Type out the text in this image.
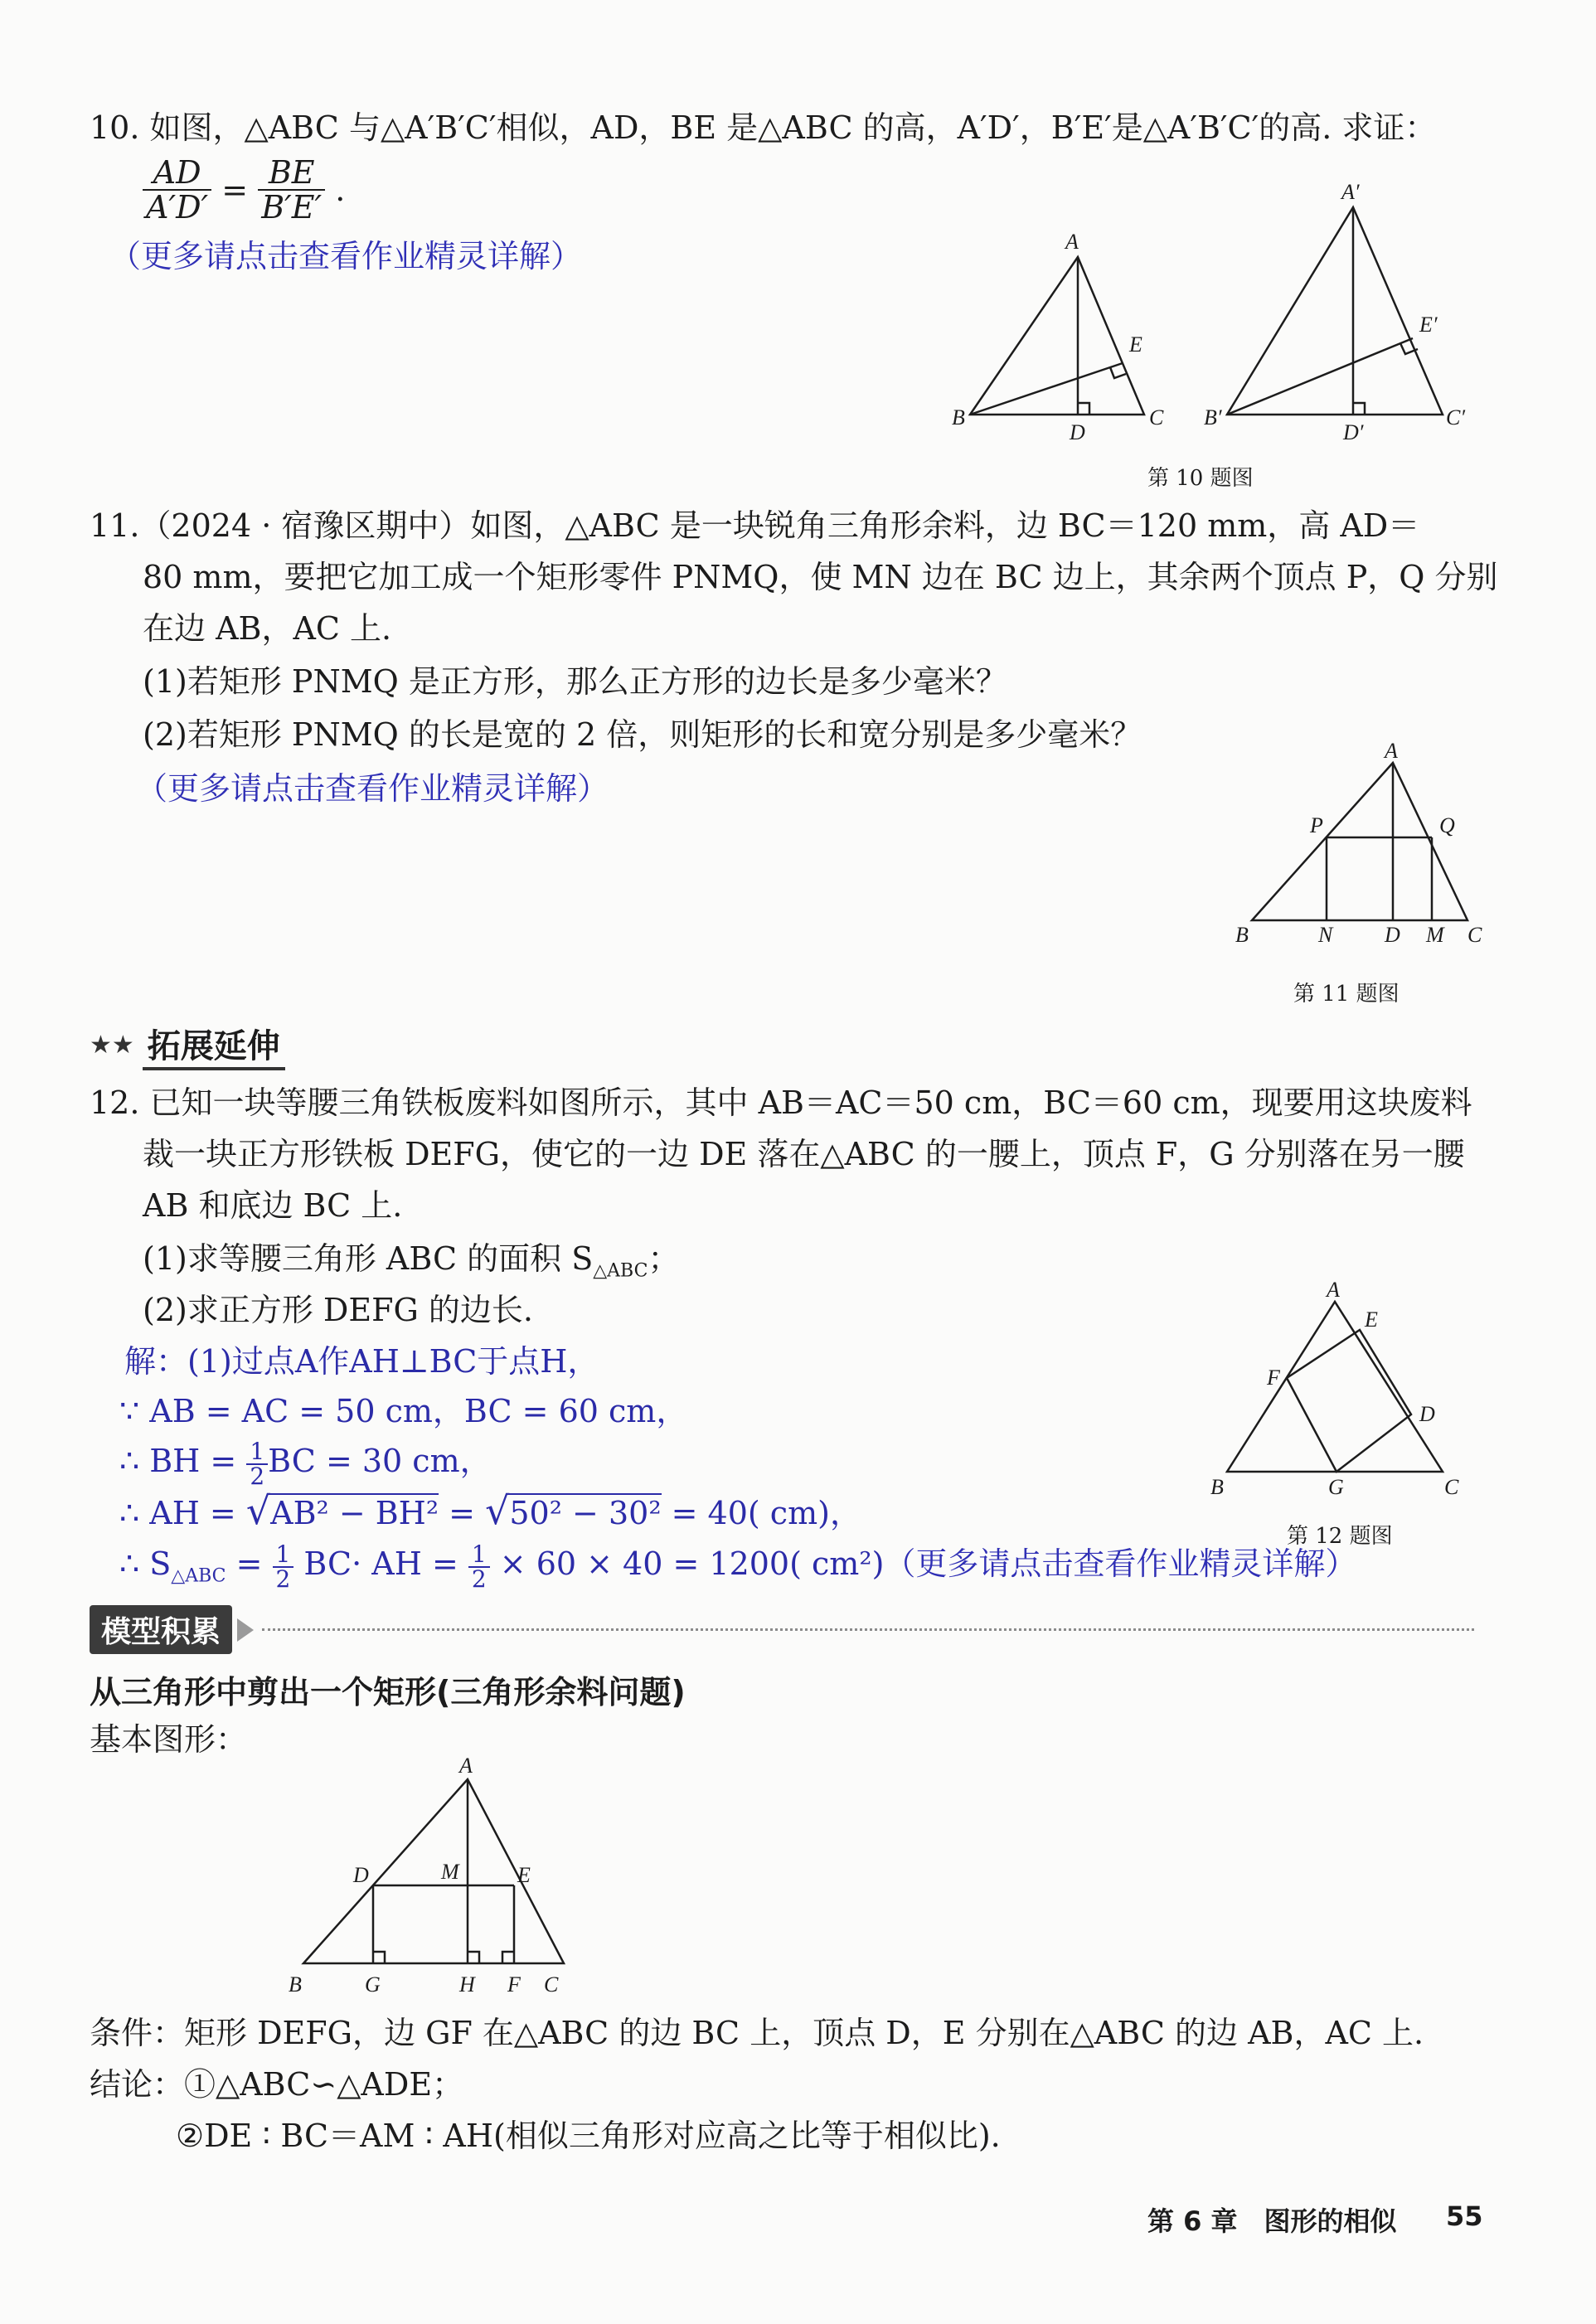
10. 如图，△ABC 与△A′B′C′相似，AD，BE 是△ABC 的高，A′D′，B′E′是△A′B′C′的高. 求证：
$\frac{AD}{A'D'} = \frac{BE}{B'E'}$ .
（更多请点击查看作业精灵详解）	A
B	C
D
E
A′
B′	C′
D′
E′
第 10 题图
11.（2024 · 宿豫区期中）如图，△ABC 是一块锐角三角形余料，边 BC＝120 mm，高 AD＝
80 mm，要把它加工成一个矩形零件 PNMQ，使 MN 边在 BC 边上，其余两个顶点 P，Q 分别
在边 AB，AC 上.
(1)若矩形 PNMQ 是正方形，那么正方形的边长是多少毫米？
(2)若矩形 PNMQ 的长是宽的 2 倍，则矩形的长和宽分别是多少毫米？
（更多请点击查看作业精灵详解）
A
B	C
D
N	M
P	Q
第 11 题图
★★ 拓展延伸
12. 已知一块等腰三角铁板废料如图所示，其中 AB＝AC＝50 cm，BC＝60 cm，现要用这块废料
裁一块正方形铁板 DEFG，使它的一边 DE 落在△ABC 的一腰上，顶点 F，G 分别落在另一腰
AB 和底边 BC 上.
(1)求等腰三角形 ABC 的面积 $S_{\triangle ABC}$；
(2)求正方形 DEFG 的边长.
解：(1)过点A作AH⊥BC于点H，
∵ AB = AC = 50 cm，BC = 60 cm，
∴ BH = $\frac{1}{2}$ BC = 30 cm，
∴ AH = √AB² − BH² = √50² − 30² = 40( cm)，
∴ $S_{\triangle ABC} = \frac{1}{2} BC\cdot$ AH = $\frac{1}{2} \times 60 \times 40 = 1200$( cm²)（更多请点击查看作业精灵详解）
A
B	C
D
E
F
G
第 12 题图
模型积累
从三角形中剪出一个矩形(三角形余料问题)
基本图形：
A
B	C
D	E
F
G	H
M
条件：矩形 DEFG，边 GF 在△ABC 的边 BC 上，顶点 D，E 分别在△ABC 的边 AB，AC 上.
结论：①△ABC∽△ADE；
②DE ∶ BC＝AM ∶ AH(相似三角形对应高之比等于相似比).
第 6 章　图形的相似 55
